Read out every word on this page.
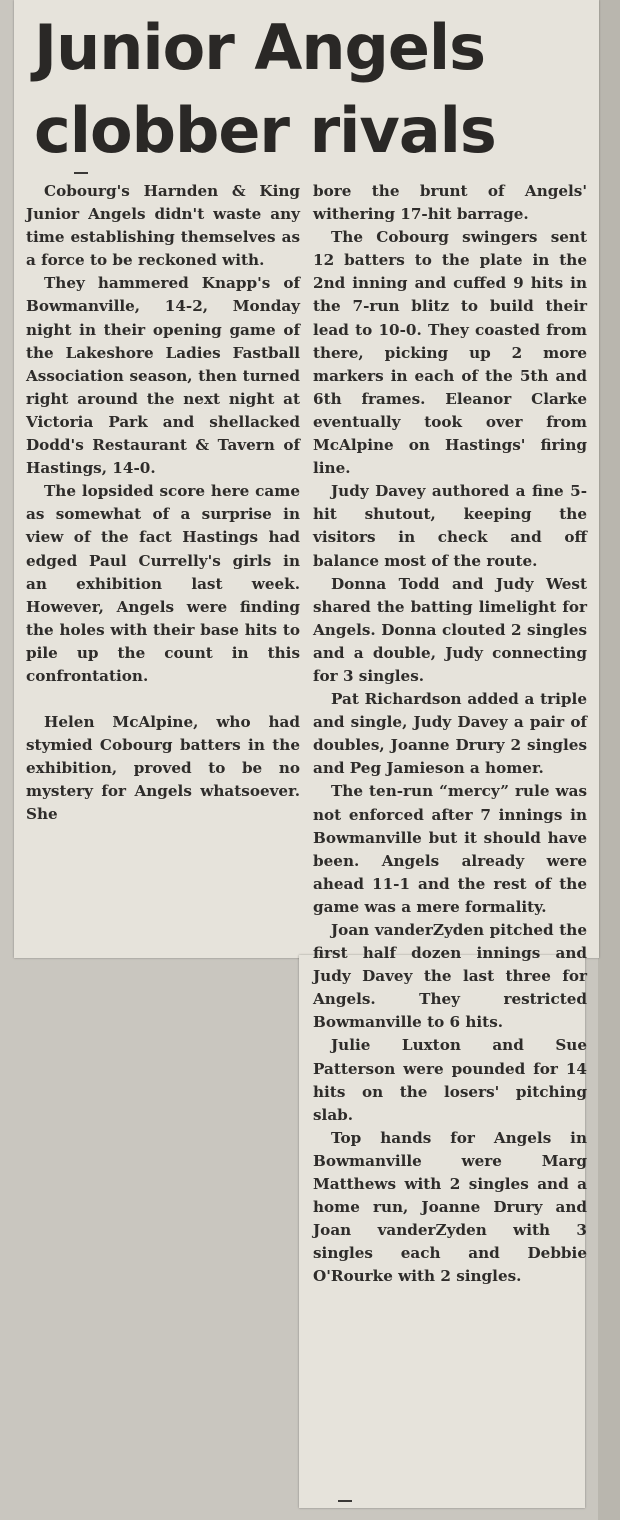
Junior Angels clobber rivals

Cobourg's Harnden & King Junior Angels didn't waste any time establishing themselves as a force to be reckoned with.

They hammered Knapp's of Bowmanville, 14-2, Monday night in their opening game of the Lakeshore Ladies Fastball Association season, then turned right around the next night at Victoria Park and shellacked Dodd's Restaurant & Tavern of Hastings, 14-0.

The lopsided score here came as somewhat of a surprise in view of the fact Hastings had edged Paul Currelly's girls in an exhibition last week. However, Angels were finding the holes with their base hits to pile up the count in this confrontation.

Helen McAlpine, who had stymied Cobourg batters in the exhibition, proved to be no mystery for Angels whatsoever. She

bore the brunt of Angels' withering 17-hit barrage.

The Cobourg swingers sent 12 batters to the plate in the 2nd inning and cuffed 9 hits in the 7-run blitz to build their lead to 10-0. They coasted from there, picking up 2 more markers in each of the 5th and 6th frames. Eleanor Clarke eventually took over from McAlpine on Hastings' firing line.

Judy Davey authored a fine 5-hit shutout, keeping the visitors in check and off balance most of the route.

Donna Todd and Judy West shared the batting limelight for Angels. Donna clouted 2 singles and a double, Judy connecting for 3 singles.

Pat Richardson added a triple and single, Judy Davey a pair of doubles, Joanne Drury 2 singles and Peg Jamieson a homer.

The ten-run “mercy” rule was not enforced after 7 innings in Bowmanville but it should have been. Angels already were ahead 11-1 and the rest of the game was a mere formality.

Joan vanderZyden pitched the first half dozen innings and Judy Davey the last three for Angels. They restricted Bowmanville to 6 hits.

Julie Luxton and Sue Patterson were pounded for 14 hits on the losers' pitching slab.

Top hands for Angels in Bowmanville were Marg Matthews with 2 singles and a home run, Joanne Drury and Joan vanderZyden with 3 singles each and Debbie O'Rourke with 2 singles.
